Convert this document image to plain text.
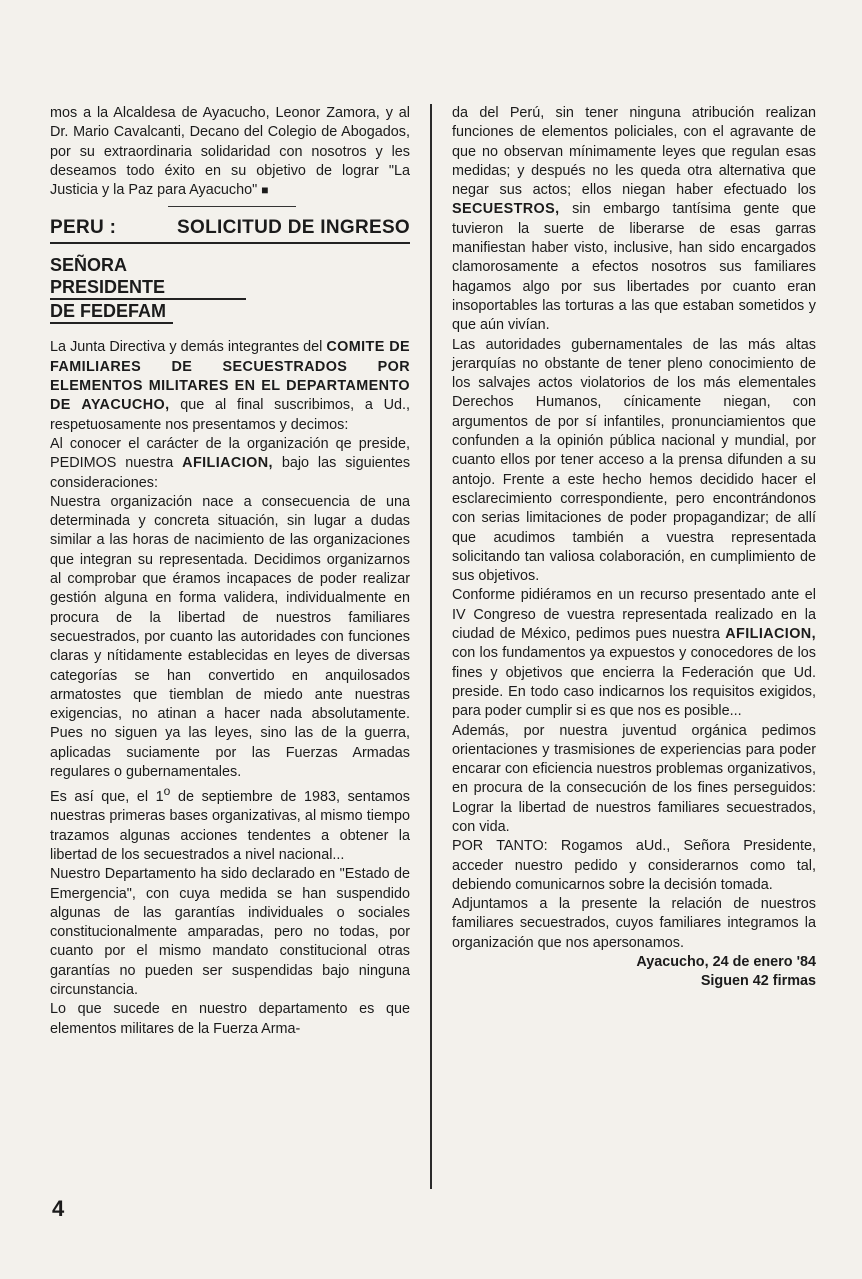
mos a la Alcaldesa de Ayacucho, Leonor Zamora, y al Dr. Mario Cavalcanti, Decano del Colegio de Abogados, por su extraordinaria solidaridad con nosotros y les deseamos todo éxito en su objetivo de lograr "La Justicia y la Paz para Ayacucho" ■

PERU :	SOLICITUD DE INGRESO
SEÑORA PRESIDENTE
DE FEDEFAM

La Junta Directiva y demás integrantes del COMITE DE FAMILIARES DE SECUESTRADOS POR ELEMENTOS MILITARES EN EL DEPARTAMENTO DE AYACUCHO, que al final suscribimos, a Ud., respetuosamente nos presentamos y decimos:

Al conocer el carácter de la organización qe preside, PEDIMOS nuestra AFILIACION, bajo las siguientes consideraciones:

Nuestra organización nace a consecuencia de una determinada y concreta situación, sin lugar a dudas similar a las horas de nacimiento de las organizaciones que integran su representada. Decidimos organizarnos al comprobar que éramos incapaces de poder realizar gestión alguna en forma validera, individualmente en procura de la libertad de nuestros familiares secuestrados, por cuanto las autoridades con funciones claras y nítidamente establecidas en leyes de diversas categorías se han convertido en anquilosados armatostes que tiemblan de miedo ante nuestras exigencias, no atinan a hacer nada absolutamente. Pues no siguen ya las leyes, sino las de la guerra, aplicadas suciamente por las Fuerzas Armadas regulares o gubernamentales.

Es así que, el 1$^o$ de septiembre de 1983, sentamos nuestras primeras bases organizativas, al mismo tiempo trazamos algunas acciones tendentes a obtener la libertad de los secuestrados a nivel nacional...

Nuestro Departamento ha sido declarado en "Estado de Emergencia", con cuya medida se han suspendido algunas de las garantías individuales o sociales constitucionalmente amparadas, pero no todas, por cuanto por el mismo mandato constitucional otras garantías no pueden ser suspendidas bajo ninguna circunstancia.

Lo que sucede en nuestro departamento es que elementos militares de la Fuerza Arma-

da del Perú, sin tener ninguna atribución realizan funciones de elementos policiales, con el agravante de que no observan mínimamente leyes que regulan esas medidas; y después no les queda otra alternativa que negar sus actos; ellos niegan haber efectuado los SECUESTROS, sin embargo tantísima gente que tuvieron la suerte de liberarse de esas garras manifiestan haber visto, inclusive, han sido encargados clamorosamente a efectos nosotros sus familiares hagamos algo por sus libertades por cuanto eran insoportables las torturas a las que estaban sometidos y que aún vivían.

Las autoridades gubernamentales de las más altas jerarquías no obstante de tener pleno conocimiento de los salvajes actos violatorios de los más elementales Derechos Humanos, cínicamente niegan, con argumentos de por sí infantiles, pronunciamientos que confunden a la opinión pública nacional y mundial, por cuanto ellos por tener acceso a la prensa difunden a su antojo. Frente a este hecho hemos decidido hacer el esclarecimiento correspondiente, pero encontrándonos con serias limitaciones de poder propagandizar; de allí que acudimos también a vuestra representada solicitando tan valiosa colaboración, en cumplimiento de sus objetivos.

Conforme pidiéramos en un recurso presentado ante el IV Congreso de vuestra representada realizado en la ciudad de México, pedimos pues nuestra AFILIACION, con los fundamentos ya expuestos y conocedores de los fines y objetivos que encierra la Federación que Ud. preside. En todo caso indicarnos los requisitos exigidos, para poder cumplir si es que nos es posible...

Además, por nuestra juventud orgánica pedimos orientaciones y trasmisiones de experiencias para poder encarar con eficiencia nuestros problemas organizativos, en procura de la consecución de los fines perseguidos: Lograr la libertad de nuestros familiares secuestrados, con vida.

POR TANTO: Rogamos aUd., Señora Presidente, acceder nuestro pedido y considerarnos como tal, debiendo comunicarnos sobre la decisión tomada.

Adjuntamos a la presente la relación de nuestros familiares secuestrados, cuyos familiares integramos la organización que nos apersonamos.

Ayacucho, 24 de enero '84

Siguen 42 firmas

4
